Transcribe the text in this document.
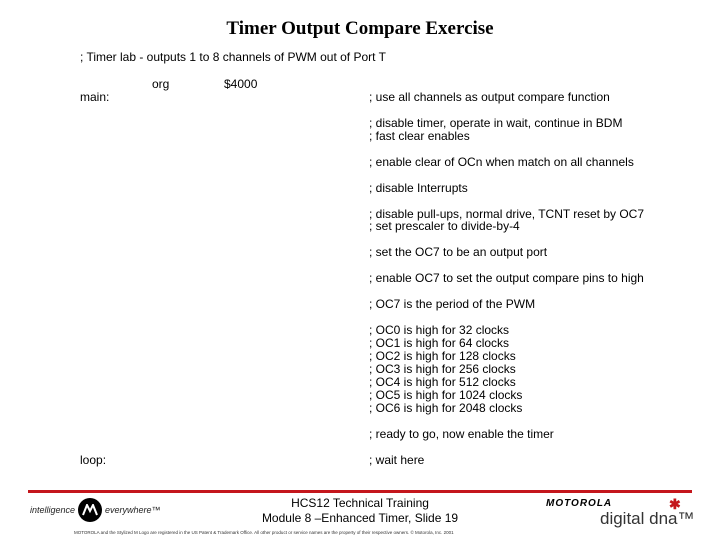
Timer Output Compare Exercise
; Timer lab - outputs 1 to 8 channels of PWM out of Port T
org	$4000
main:	; use all channels as output compare function
; disable timer, operate in wait, continue in BDM
; fast clear enables
; enable clear of OCn when match on all channels
; disable Interrupts
; disable pull-ups, normal drive, TCNT reset by OC7
; set prescaler to divide-by-4
; set the OC7 to be an output port
; enable OC7 to set the output compare pins to high
; OC7 is the period of the PWM
; OC0 is high for 32 clocks
; OC1 is high for 64 clocks
; OC2 is high for 128 clocks
; OC3 is high for 256 clocks
; OC4 is high for 512 clocks
; OC5 is high for 1024 clocks
; OC6 is high for 2048 clocks
; ready to go, now enable the timer
loop:	; wait here
intelligence	everywhere™	HCS12 Technical Training
Module 8 –Enhanced Timer, Slide 19
MOTOROLA
digital dna™
✱
MOTOROLA and the Stylized M Logo are registered in the US Patent & Trademark Office. All other product or service names are the property of their respective owners. © Motorola, Inc. 2001
